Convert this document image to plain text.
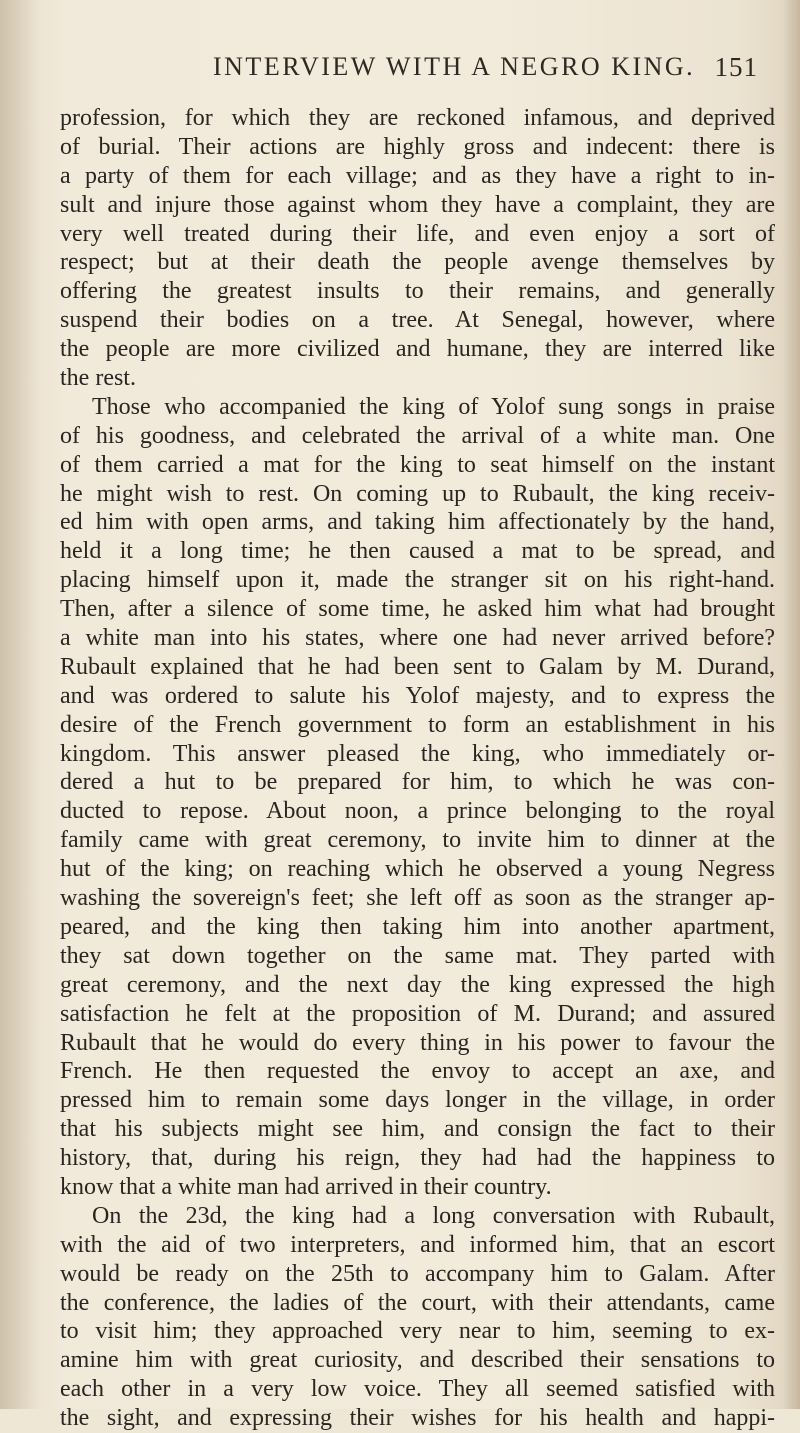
INTERVIEW WITH A NEGRO KING. 151
profession, for which they are reckoned infamous, and deprived
of burial. Their actions are highly gross and indecent: there is
a party of them for each village; and as they have a right to in-
sult and injure those against whom they have a complaint, they are
very well treated during their life, and even enjoy a sort of
respect; but at their death the people avenge themselves by
offering the greatest insults to their remains, and generally
suspend their bodies on a tree. At Senegal, however, where
the people are more civilized and humane, they are interred like
the rest.
Those who accompanied the king of Yolof sung songs in praise
of his goodness, and celebrated the arrival of a white man. One
of them carried a mat for the king to seat himself on the instant
he might wish to rest. On coming up to Rubault, the king receiv-
ed him with open arms, and taking him affectionately by the hand,
held it a long time; he then caused a mat to be spread, and
placing himself upon it, made the stranger sit on his right-hand.
Then, after a silence of some time, he asked him what had brought
a white man into his states, where one had never arrived before?
Rubault explained that he had been sent to Galam by M. Durand,
and was ordered to salute his Yolof majesty, and to express the
desire of the French government to form an establishment in his
kingdom. This answer pleased the king, who immediately or-
dered a hut to be prepared for him, to which he was con-
ducted to repose. About noon, a prince belonging to the royal
family came with great ceremony, to invite him to dinner at the
hut of the king; on reaching which he observed a young Negress
washing the sovereign's feet; she left off as soon as the stranger ap-
peared, and the king then taking him into another apartment,
they sat down together on the same mat. They parted with
great ceremony, and the next day the king expressed the high
satisfaction he felt at the proposition of M. Durand; and assured
Rubault that he would do every thing in his power to favour the
French. He then requested the envoy to accept an axe, and
pressed him to remain some days longer in the village, in order
that his subjects might see him, and consign the fact to their
history, that, during his reign, they had had the happiness to
know that a white man had arrived in their country.
On the 23d, the king had a long conversation with Rubault,
with the aid of two interpreters, and informed him, that an escort
would be ready on the 25th to accompany him to Galam. After
the conference, the ladies of the court, with their attendants, came
to visit him; they approached very near to him, seeming to ex-
amine him with great curiosity, and described their sensations to
each other in a very low voice. They all seemed satisfied with
the sight, and expressing their wishes for his health and happi-
